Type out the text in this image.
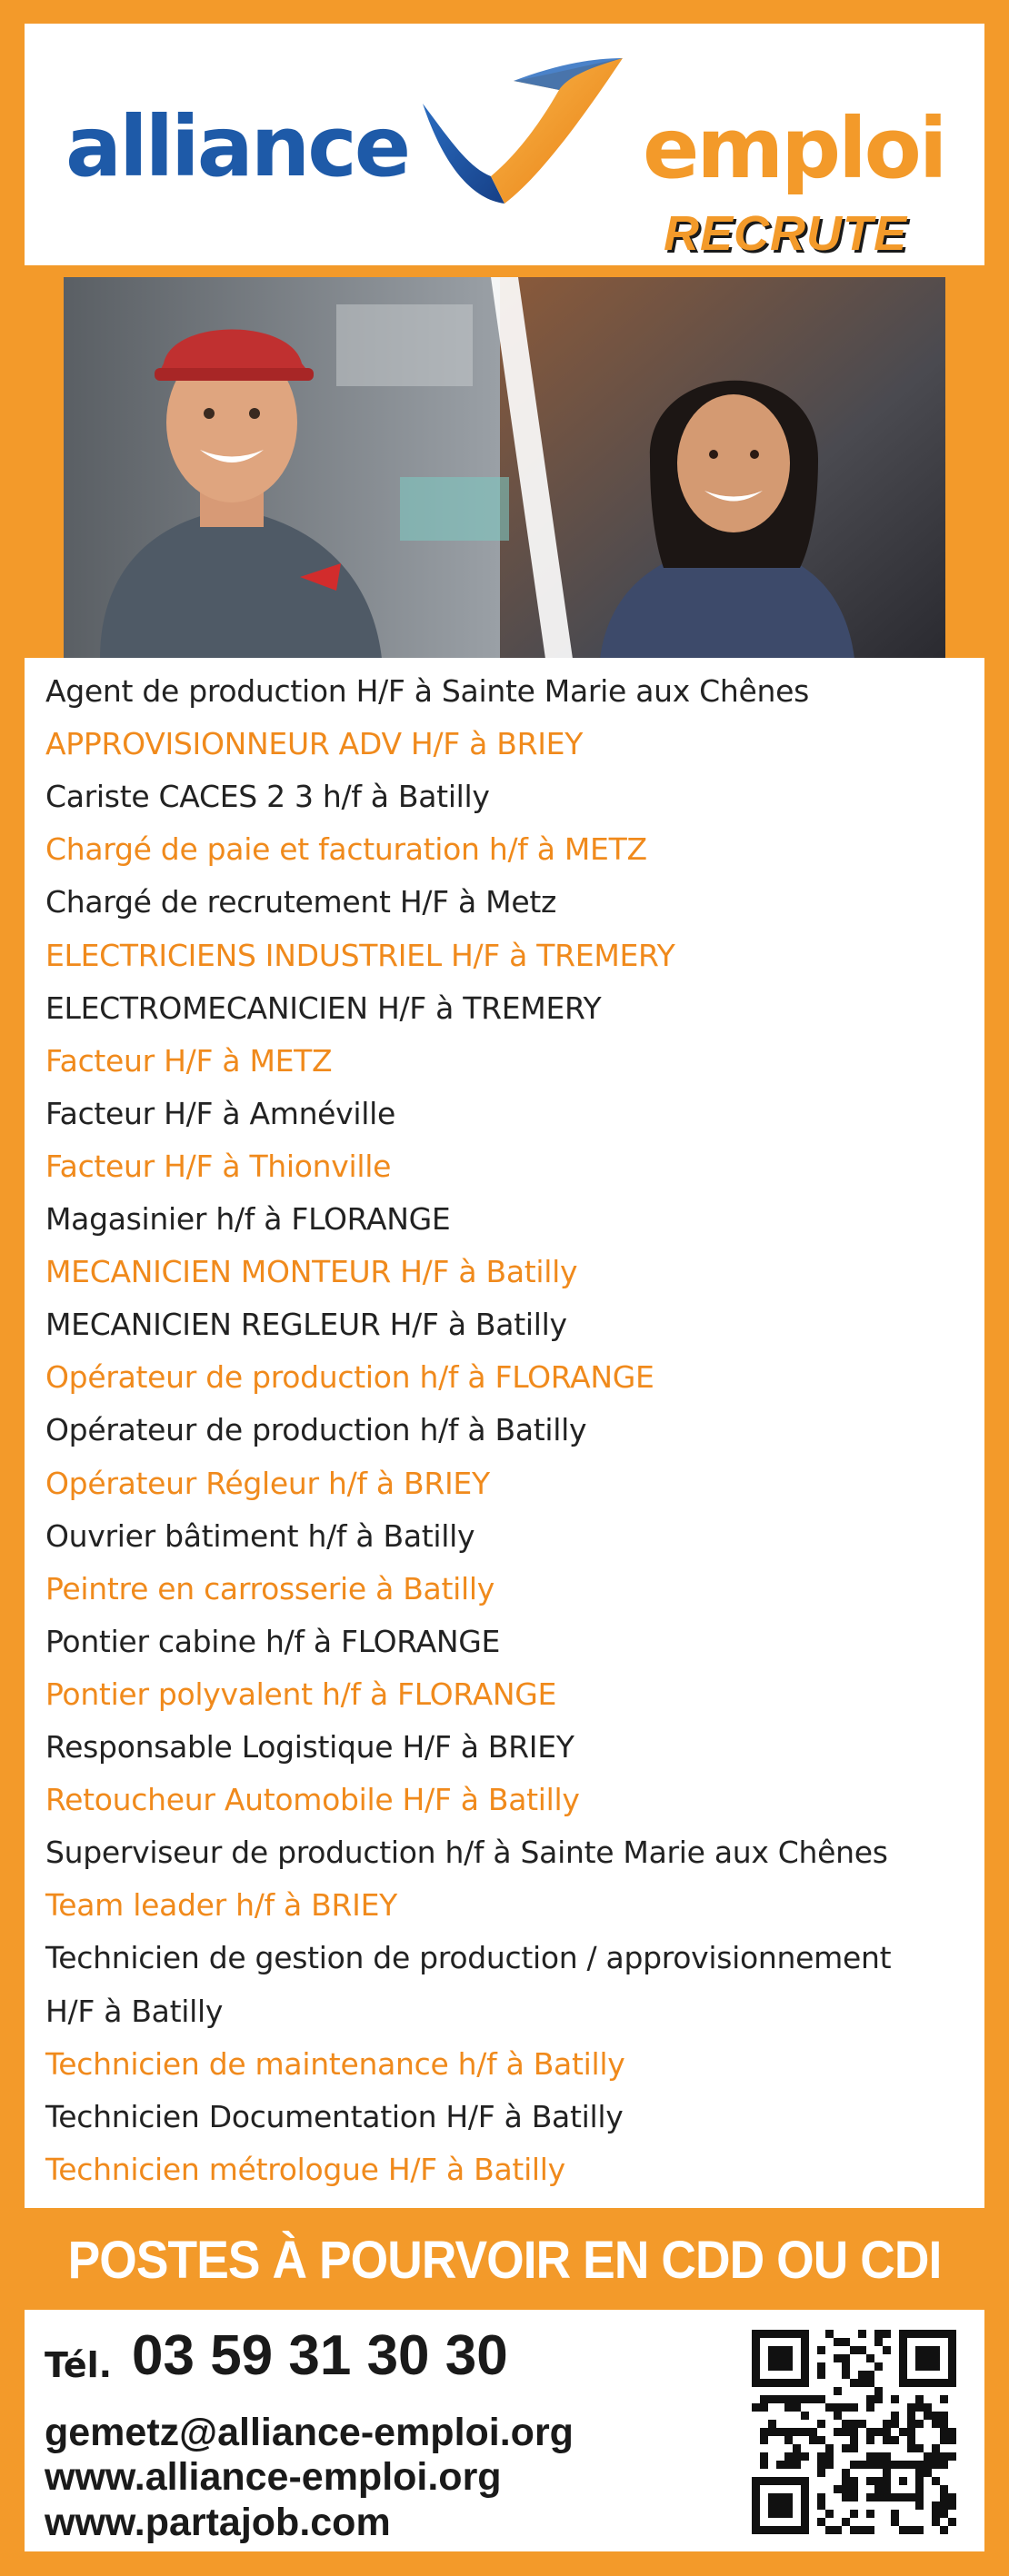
alliance	emploi
RECRUTE
Agent de production H/F à Sainte Marie aux Chênes
APPROVISIONNEUR ADV H/F à BRIEY
Cariste CACES 2 3 h/f à Batilly
Chargé de paie et facturation h/f à METZ
Chargé de recrutement H/F à Metz
ELECTRICIENS INDUSTRIEL H/F à TREMERY
ELECTROMECANICIEN H/F à TREMERY
Facteur H/F à METZ
Facteur H/F à Amnéville
Facteur H/F à Thionville
Magasinier h/f à FLORANGE
MECANICIEN MONTEUR H/F à Batilly
MECANICIEN REGLEUR H/F à Batilly
Opérateur de production h/f à FLORANGE
Opérateur de production h/f à Batilly
Opérateur Régleur h/f à BRIEY
Ouvrier bâtiment h/f à Batilly
Peintre en carrosserie à Batilly
Pontier cabine h/f à FLORANGE
Pontier polyvalent h/f à FLORANGE
Responsable Logistique H/F à BRIEY
Retoucheur Automobile H/F à Batilly
Superviseur de production h/f à Sainte Marie aux Chênes
Team leader h/f à BRIEY
Technicien de gestion de production / approvisionnement
H/F à Batilly
Technicien de maintenance h/f à Batilly
Technicien Documentation H/F à Batilly
Technicien métrologue H/F à Batilly
POSTES À POURVOIR EN CDD OU CDI
Tél. 03 59 31 30 30
gemetz@alliance-emploi.org
www.alliance-emploi.org
www.partajob.com
